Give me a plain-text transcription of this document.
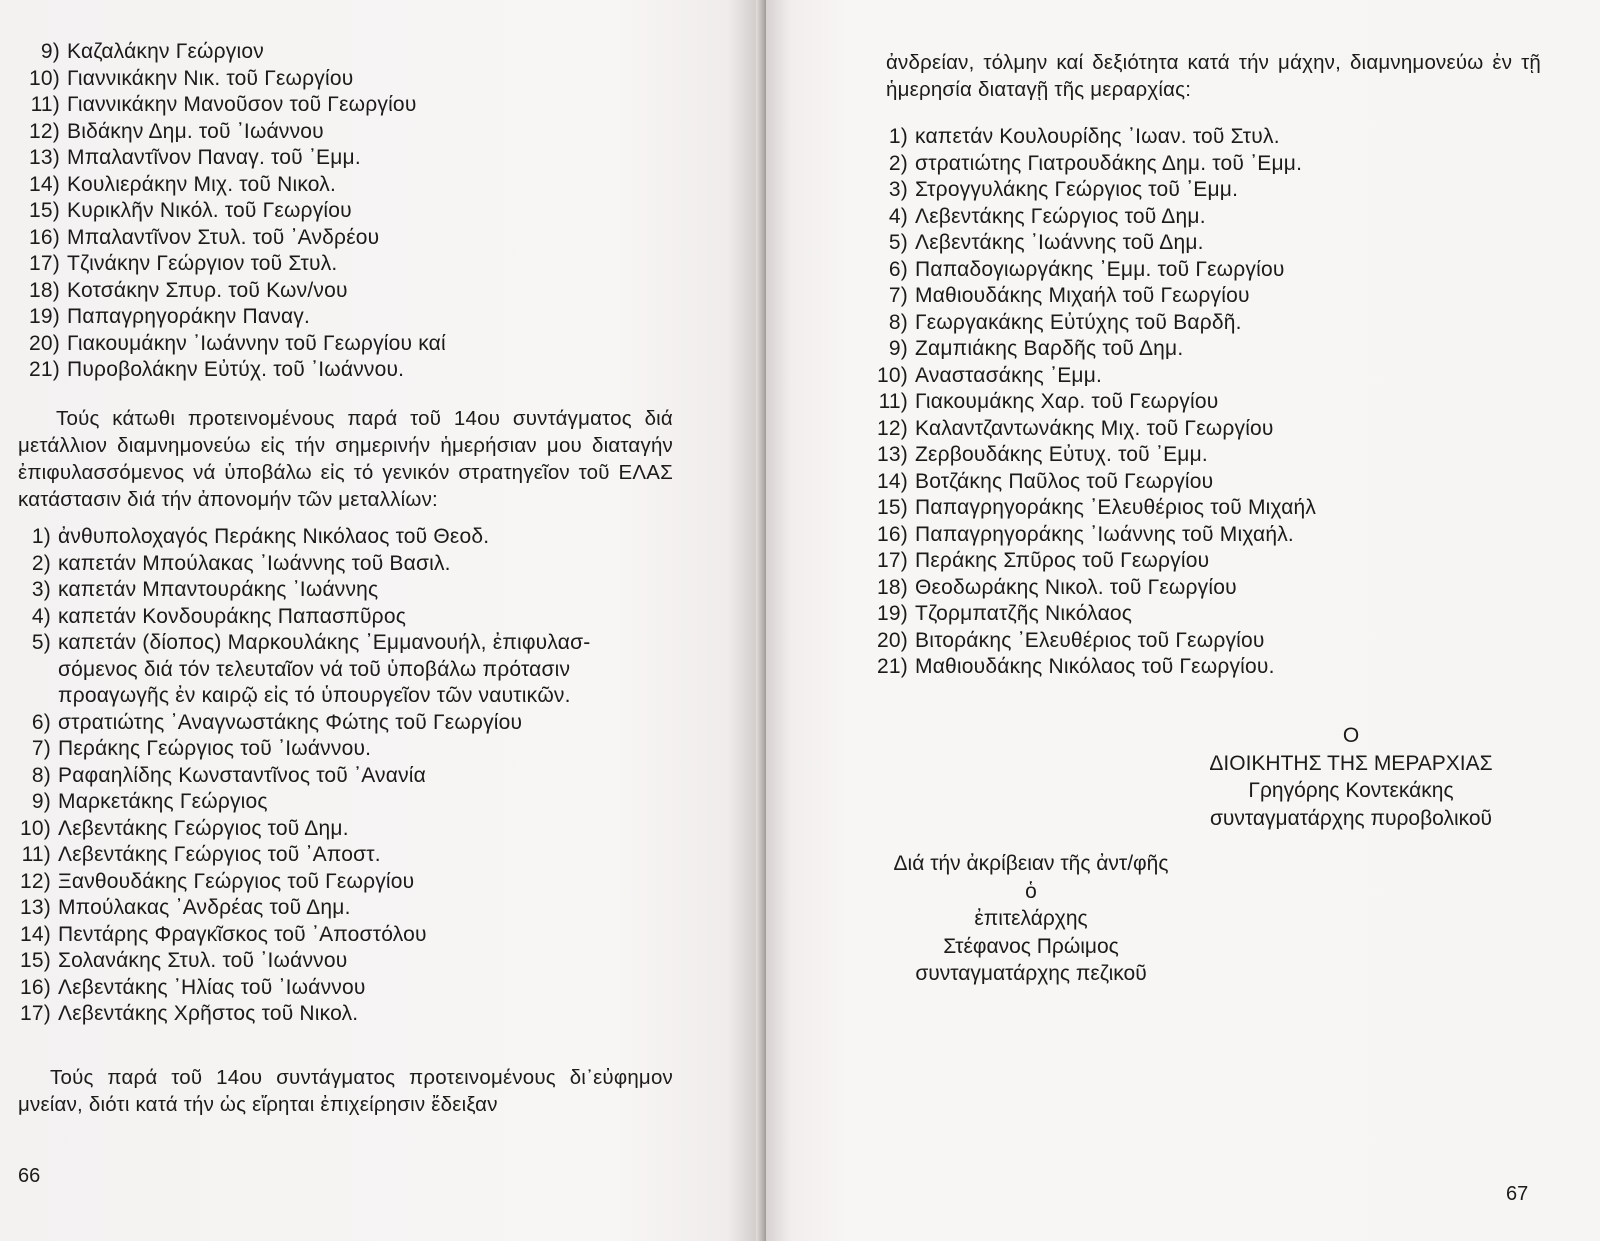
9) Καζαλάκην Γεώργιον
10) Γιαννικάκην Νικ. τοῦ Γεωργίου
11) Γιαννικάκην Μανοῦσον τοῦ Γεωργίου
12) Βιδάκην Δημ. τοῦ ᾿Ιωάννου
13) Μπαλαντῖνον Παναγ. τοῦ ᾿Εμμ.
14) Κουλιεράκην Μιχ. τοῦ Νικολ.
15) Κυρικλῆν Νικόλ. τοῦ Γεωργίου
16) Μπαλαντῖνον Στυλ. τοῦ ᾿Ανδρέου
17) Τζινάκην Γεώργιον τοῦ Στυλ.
18) Κοτσάκην Σπυρ. τοῦ Κων/νου
19) Παπαγρηγοράκην Παναγ.
20) Γιακουμάκην ᾿Ιωάννην τοῦ Γεωργίου καί
21) Πυροβολάκην Εὐτύχ. τοῦ ᾿Ιωάννου.
Τούς κάτωθι προτεινομένους παρά τοῦ 14ου συντάγματος διά μετάλλιον διαμνημονεύω εἰς τήν σημερινήν ἡμερήσιαν μου διαταγήν ἐπιφυλασσόμενος νά ὑποβάλω εἰς τό γενικόν στρατηγεῖον τοῦ ΕΛΑΣ κατάστασιν διά τήν ἀπονομήν τῶν μεταλλίων:
1) ἀνθυπολοχαγός Περάκης Νικόλαος τοῦ Θεοδ.
2) καπετάν Μπούλακας ᾿Ιωάννης τοῦ Βασιλ.
3) καπετάν Μπαντουράκης ᾿Ιωάννης
4) καπετάν Κονδουράκης Παπασπῦρος
5) καπετάν (δίοπος) Μαρκουλάκης ᾿Εμμανουήλ, ἐπιφυλασ-
σόμενος διά τόν τελευταῖον νά τοῦ ὑποβάλω πρότασιν
προαγωγῆς ἐν καιρῷ εἰς τό ὑπουργεῖον τῶν ναυτικῶν.
6) στρατιώτης ᾿Αναγνωστάκης Φώτης τοῦ Γεωργίου
7) Περάκης Γεώργιος τοῦ ᾿Ιωάννου.
8) Ραφαηλίδης Κωνσταντῖνος τοῦ ᾿Ανανία
9) Μαρκετάκης Γεώργιος
10) Λεβεντάκης Γεώργιος τοῦ Δημ.
11) Λεβεντάκης Γεώργιος τοῦ ᾿Αποστ.
12) Ξανθουδάκης Γεώργιος τοῦ Γεωργίου
13) Μπούλακας ᾿Ανδρέας τοῦ Δημ.
14) Πεντάρης Φραγκῖσκος τοῦ ᾿Αποστόλου
15) Σολανάκης Στυλ. τοῦ ᾿Ιωάννου
16) Λεβεντάκης ᾿Ηλίας τοῦ ᾿Ιωάννου
17) Λεβεντάκης Χρῆστος τοῦ Νικολ.
Τούς παρά τοῦ 14ου συντάγματος προτεινομένους δι᾿εὐφημον μνείαν, διότι κατά τήν ὡς εἴρηται ἐπιχείρησιν ἔδειξαν
66
ἀνδρείαν, τόλμην καί δεξιότητα κατά τήν μάχην, διαμνημονεύω ἐν τῇ ἡμερησία διαταγῇ τῆς μεραρχίας:
1) καπετάν Κουλουρίδης ᾿Ιωαν. τοῦ Στυλ.
2) στρατιώτης Γιατρουδάκης Δημ. τοῦ ᾿Εμμ.
3) Στρογγυλάκης Γεώργιος τοῦ ᾿Εμμ.
4) Λεβεντάκης Γεώργιος τοῦ Δημ.
5) Λεβεντάκης ᾿Ιωάννης τοῦ Δημ.
6) Παπαδογιωργάκης ᾿Εμμ. τοῦ Γεωργίου
7) Μαθιουδάκης Μιχαήλ τοῦ Γεωργίου
8) Γεωργακάκης Εὐτύχης τοῦ Βαρδῆ.
9) Ζαμπιάκης Βαρδῆς τοῦ Δημ.
10) Αναστασάκης ᾿Εμμ.
11) Γιακουμάκης Χαρ. τοῦ Γεωργίου
12) Καλαντζαντωνάκης Μιχ. τοῦ Γεωργίου
13) Ζερβουδάκης Εὐτυχ. τοῦ ᾿Εμμ.
14) Βοτζάκης Παῦλος τοῦ Γεωργίου
15) Παπαγρηγοράκης ᾿Ελευθέριος τοῦ Μιχαήλ
16) Παπαγρηγοράκης ᾿Ιωάννης τοῦ Μιχαήλ.
17) Περάκης Σπῦρος τοῦ Γεωργίου
18) Θεοδωράκης Νικολ. τοῦ Γεωργίου
19) Τζορμπατζῆς Νικόλαος
20) Βιτοράκης ᾿Ελευθέριος τοῦ Γεωργίου
21) Μαθιουδάκης Νικόλαος τοῦ Γεωργίου.
Ο
ΔΙΟΙΚΗΤΗΣ ΤΗΣ ΜΕΡΑΡΧΙΑΣ
Γρηγόρης Κοντεκάκης
συνταγματάρχης πυροβολικοῦ
Διά τήν ἀκρίβειαν τῆς ἀντ/φῆς
ὁ
ἐπιτελάρχης
Στέφανος Πρώιμος
συνταγματάρχης πεζικοῦ
67
